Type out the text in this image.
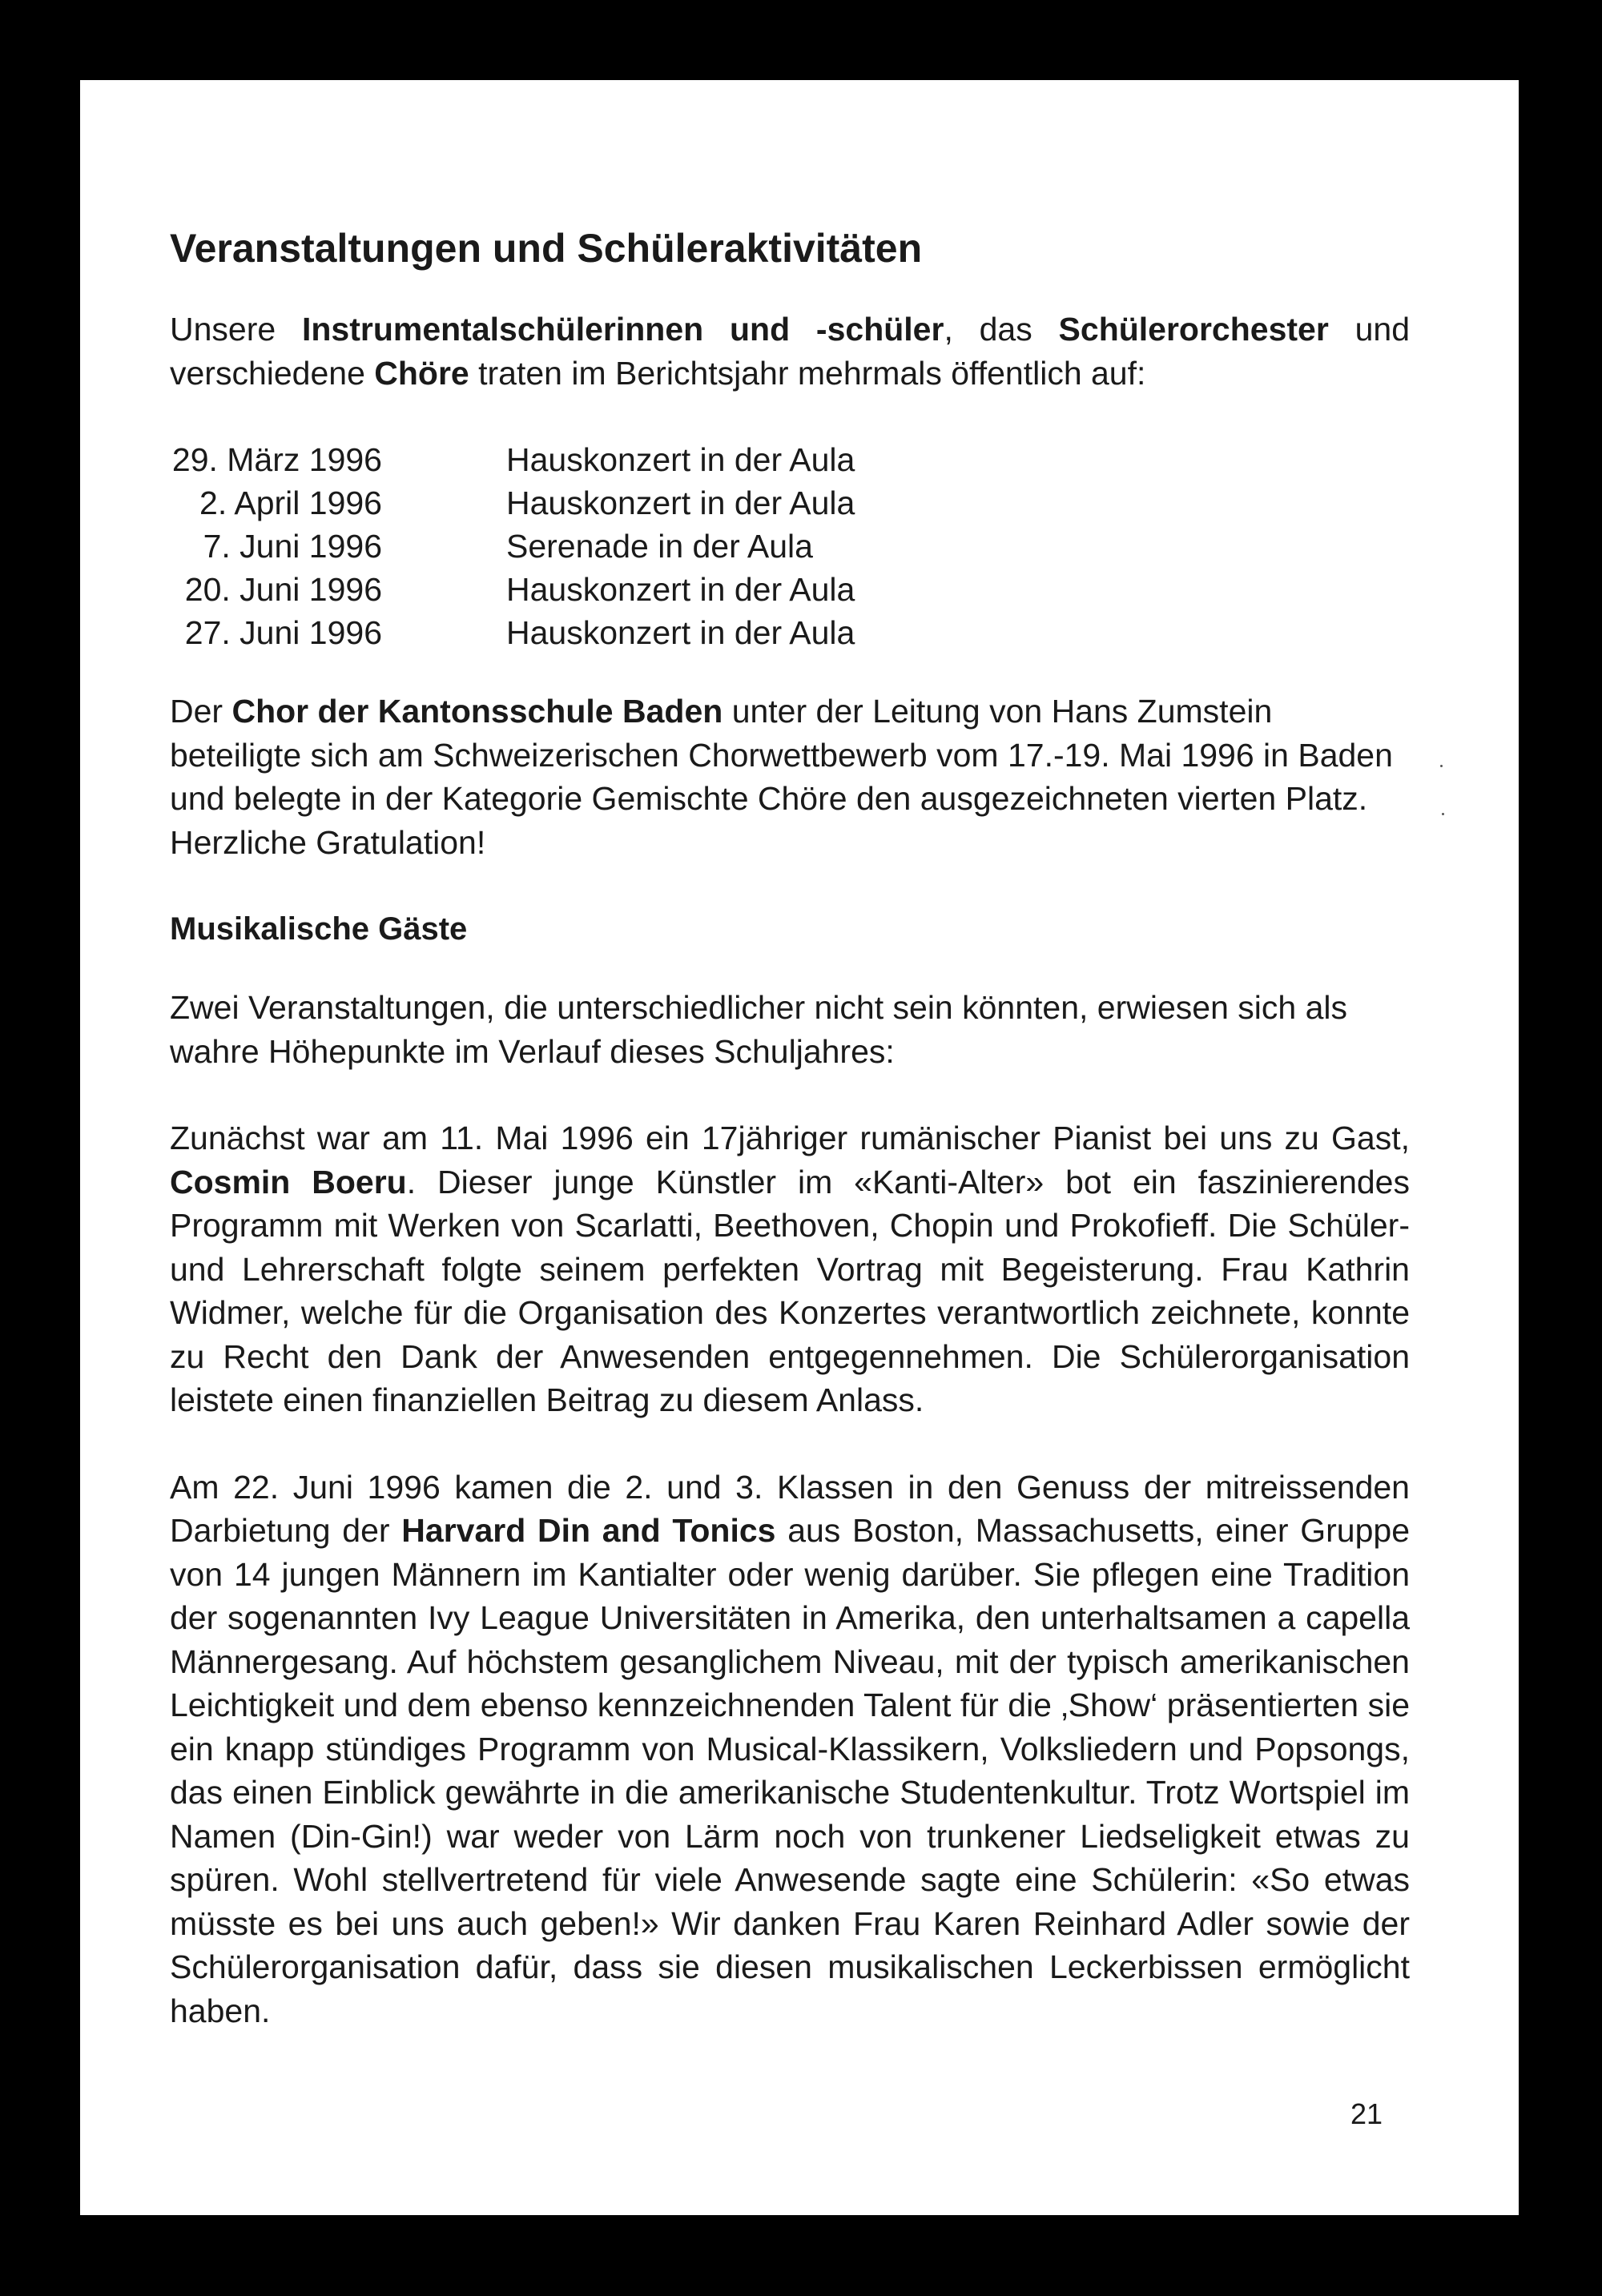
Veranstaltungen und Schüleraktivitäten

Unsere Instrumentalschülerinnen und -schüler, das Schülerorchester und verschiedene Chöre traten im Berichtsjahr mehrmals öffentlich auf:

29. März 1996	Hauskonzert in der Aula
2. April 1996	Hauskonzert in der Aula
7. Juni 1996	Serenade in der Aula
20. Juni 1996	Hauskonzert in der Aula
27. Juni 1996	Hauskonzert in der Aula

Der Chor der Kantonsschule Baden unter der Leitung von Hans Zumstein beteiligte sich am Schweizerischen Chorwettbewerb vom 17.-19. Mai 1996 in Baden und belegte in der Kategorie Gemischte Chöre den ausgezeichneten vierten Platz. Herzliche Gratulation!

Musikalische Gäste

Zwei Veranstaltungen, die unterschiedlicher nicht sein könnten, erwiesen sich als wahre Höhepunkte im Verlauf dieses Schuljahres:

Zunächst war am 11. Mai 1996 ein 17jähriger rumänischer Pianist bei uns zu Gast, Cosmin Boeru. Dieser junge Künstler im «Kanti-Alter» bot ein faszinierendes Programm mit Werken von Scarlatti, Beethoven, Chopin und Prokofieff. Die Schüler- und Lehrerschaft folgte seinem perfekten Vortrag mit Begeisterung. Frau Kathrin Widmer, welche für die Organisation des Konzertes verantwortlich zeichnete, konnte zu Recht den Dank der Anwesenden entgegennehmen. Die Schülerorganisation leistete einen finanziellen Beitrag zu diesem Anlass.

Am 22. Juni 1996 kamen die 2. und 3. Klassen in den Genuss der mitreissenden Darbietung der Harvard Din and Tonics aus Boston, Massachusetts, einer Gruppe von 14 jungen Männern im Kantialter oder wenig darüber. Sie pflegen eine Tradition der sogenannten Ivy League Universitäten in Amerika, den unterhaltsamen a capella Männergesang. Auf höchstem gesanglichem Niveau, mit der typisch amerikanischen Leichtigkeit und dem ebenso kennzeichnenden Talent für die ‚Show‘ präsentierten sie ein knapp stündiges Programm von Musical-Klassikern, Volksliedern und Popsongs, das einen Einblick gewährte in die amerikanische Studentenkultur. Trotz Wortspiel im Namen (Din-Gin!) war weder von Lärm noch von trunkener Liedseligkeit etwas zu spüren. Wohl stellvertretend für viele Anwesende sagte eine Schülerin: «So etwas müsste es bei uns auch geben!» Wir danken Frau Karen Reinhard Adler sowie der Schülerorganisation dafür, dass sie diesen musikalischen Leckerbissen ermöglicht haben.

21
